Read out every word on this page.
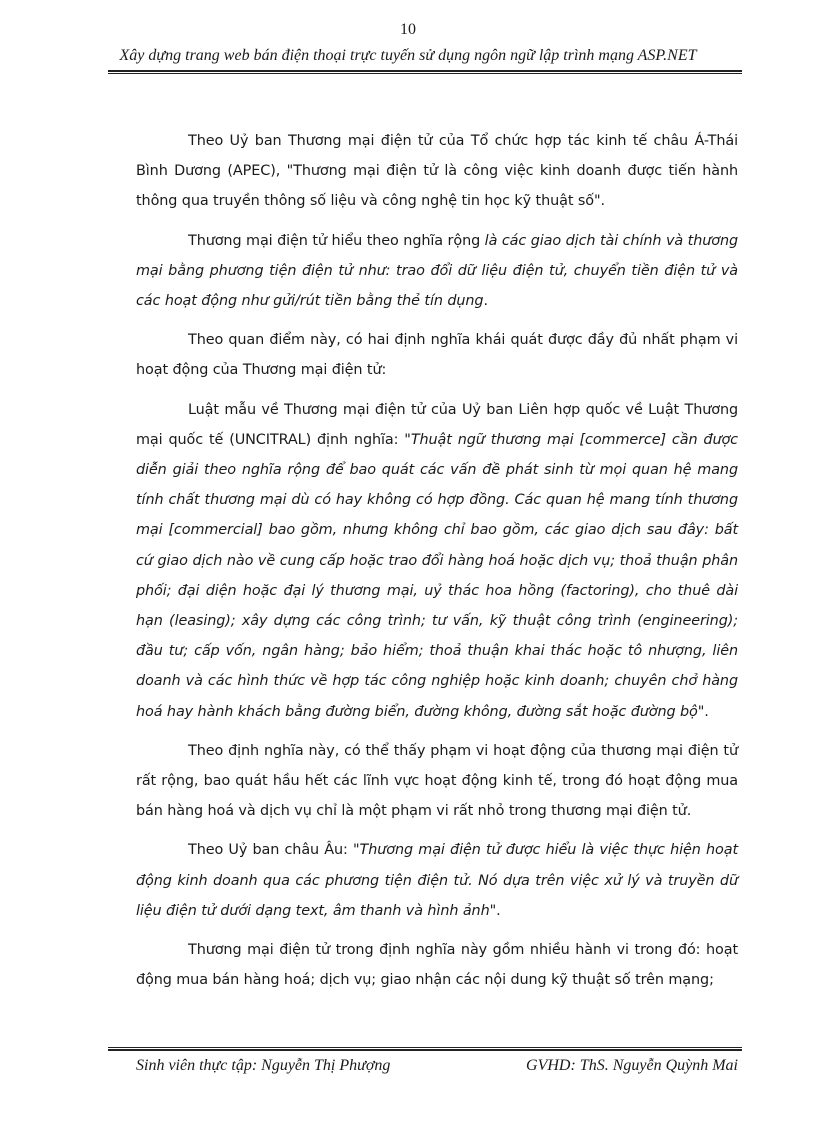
10
Xây dựng trang web bán điện thoại trực tuyến sử dụng ngôn ngữ lập trình mạng ASP.NET

Theo Uỷ ban Thương mại điện tử của Tổ chức hợp tác kinh tế châu Á-Thái Bình Dương (APEC), "Thương mại điện tử là công việc kinh doanh được tiến hành thông qua truyền thông số liệu và công nghệ tin học kỹ thuật số".

Thương mại điện tử hiểu theo nghĩa rộng là các giao dịch tài chính và thương mại bằng phương tiện điện tử như: trao đổi dữ liệu điện tử, chuyển tiền điện tử và các hoạt động như gửi/rút tiền bằng thẻ tín dụng.

Theo quan điểm này, có hai định nghĩa khái quát được đầy đủ nhất phạm vi hoạt động của Thương mại điện tử:

Luật mẫu về Thương mại điện tử của Uỷ ban Liên hợp quốc về Luật Thương mại quốc tế (UNCITRAL) định nghĩa: "Thuật ngữ thương mại [commerce] cần được diễn giải theo nghĩa rộng để bao quát các vấn đề phát sinh từ mọi quan hệ mang tính chất thương mại dù có hay không có hợp đồng. Các quan hệ mang tính thương mại [commercial] bao gồm, nhưng không chỉ bao gồm, các giao dịch sau đây: bất cứ giao dịch nào về cung cấp hoặc trao đổi hàng hoá hoặc dịch vụ; thoả thuận phân phối; đại diện hoặc đại lý thương mại, uỷ thác hoa hồng (factoring), cho thuê dài hạn (leasing); xây dựng các công trình; tư vấn, kỹ thuật công trình (engineering); đầu tư; cấp vốn, ngân hàng; bảo hiểm; thoả thuận khai thác hoặc tô nhượng, liên doanh và các hình thức về hợp tác công nghiệp hoặc kinh doanh; chuyên chở hàng hoá hay hành khách bằng đường biển, đường không, đường sắt hoặc đường bộ".

Theo định nghĩa này, có thể thấy phạm vi hoạt động của thương mại điện tử rất rộng, bao quát hầu hết các lĩnh vực hoạt động kinh tế, trong đó hoạt động mua bán hàng hoá và dịch vụ chỉ là một phạm vi rất nhỏ trong thương mại điện tử.

Theo Uỷ ban châu Âu: "Thương mại điện tử được hiểu là việc thực hiện hoạt động kinh doanh qua các phương tiện điện tử. Nó dựa trên việc xử lý và truyền dữ liệu điện tử dưới dạng text, âm thanh và hình ảnh".

Thương mại điện tử trong định nghĩa này gồm nhiều hành vi trong đó: hoạt động mua bán hàng hoá; dịch vụ; giao nhận các nội dung kỹ thuật số trên mạng;

Sinh viên thực tập: Nguyễn Thị Phượng	GVHD: ThS. Nguyễn Quỳnh Mai
